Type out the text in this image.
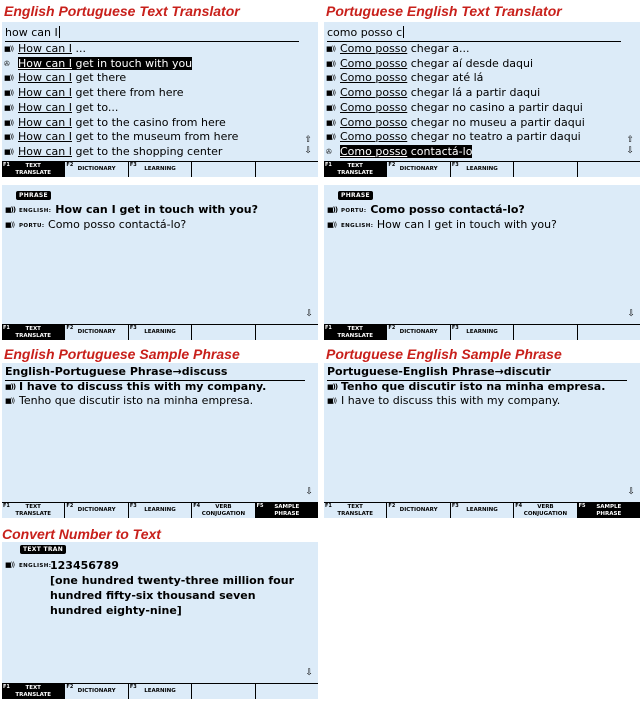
English Portuguese Text Translator	Portuguese English Text Translator
how can I
■)) How can I ...
✇ How can I get in touch with you
■)) How can I get there
■)) How can I get there from here
■)) How can I get to...
■)) How can I get to the casino from here
■)) How can I get to the museum from here
■)) How can I get to the shopping center
⇧
⇩
F1	TEXT
TRANSLATE
F2
DICTIONARY
F3
LEARNING
como posso c
■)) Como posso chegar a...
■)) Como posso chegar aí desde daqui
■)) Como posso chegar até lá
■)) Como posso chegar lá a partir daqui
■)) Como posso chegar no casino a partir daqui
■)) Como posso chegar no museu a partir daqui
■)) Como posso chegar no teatro a partir daqui
✇ Como posso contactá-lo
⇧
⇩
F1	TEXT
TRANSLATE
F2
DICTIONARY
F3
LEARNING
PHRASE
■)) ENGLISH: How can I get in touch with you?
■)) PORTU: Como posso contactá-lo?
⇩
F1	TEXT
TRANSLATE
F2
DICTIONARY
F3
LEARNING
PHRASE
■)) PORTU: Como posso contactá-lo?
■)) ENGLISH: How can I get in touch with you?
⇩
F1	TEXT
TRANSLATE
F2
DICTIONARY
F3
LEARNING
English Portuguese Sample Phrase	Portuguese English Sample Phrase
English-Portuguese Phrase→discuss
■)) I have to discuss this with my company.
■)) Tenho que discutir isto na minha empresa.
⇩
F1	TEXT
TRANSLATE
F2
DICTIONARY
F3
LEARNING
F4	VERB
CONJUGATION
F5 SAMPLE
PHRASE
Portuguese-English Phrase→discutir
■)) Tenho que discutir isto na minha empresa.
■)) I have to discuss this with my company.
⇩
F1	TEXT
TRANSLATE
F2
DICTIONARY
F3
LEARNING
F4	VERB
CONJUGATION
F5 SAMPLE
PHRASE
Convert Number to Text
TEXT TRAN
■)) ENGLISH:
123456789
[one hundred twenty-three million four hundred fifty-six thousand seven hundred eighty-nine]
⇩
F1	TEXT
TRANSLATE
F2
DICTIONARY
F3
LEARNING
